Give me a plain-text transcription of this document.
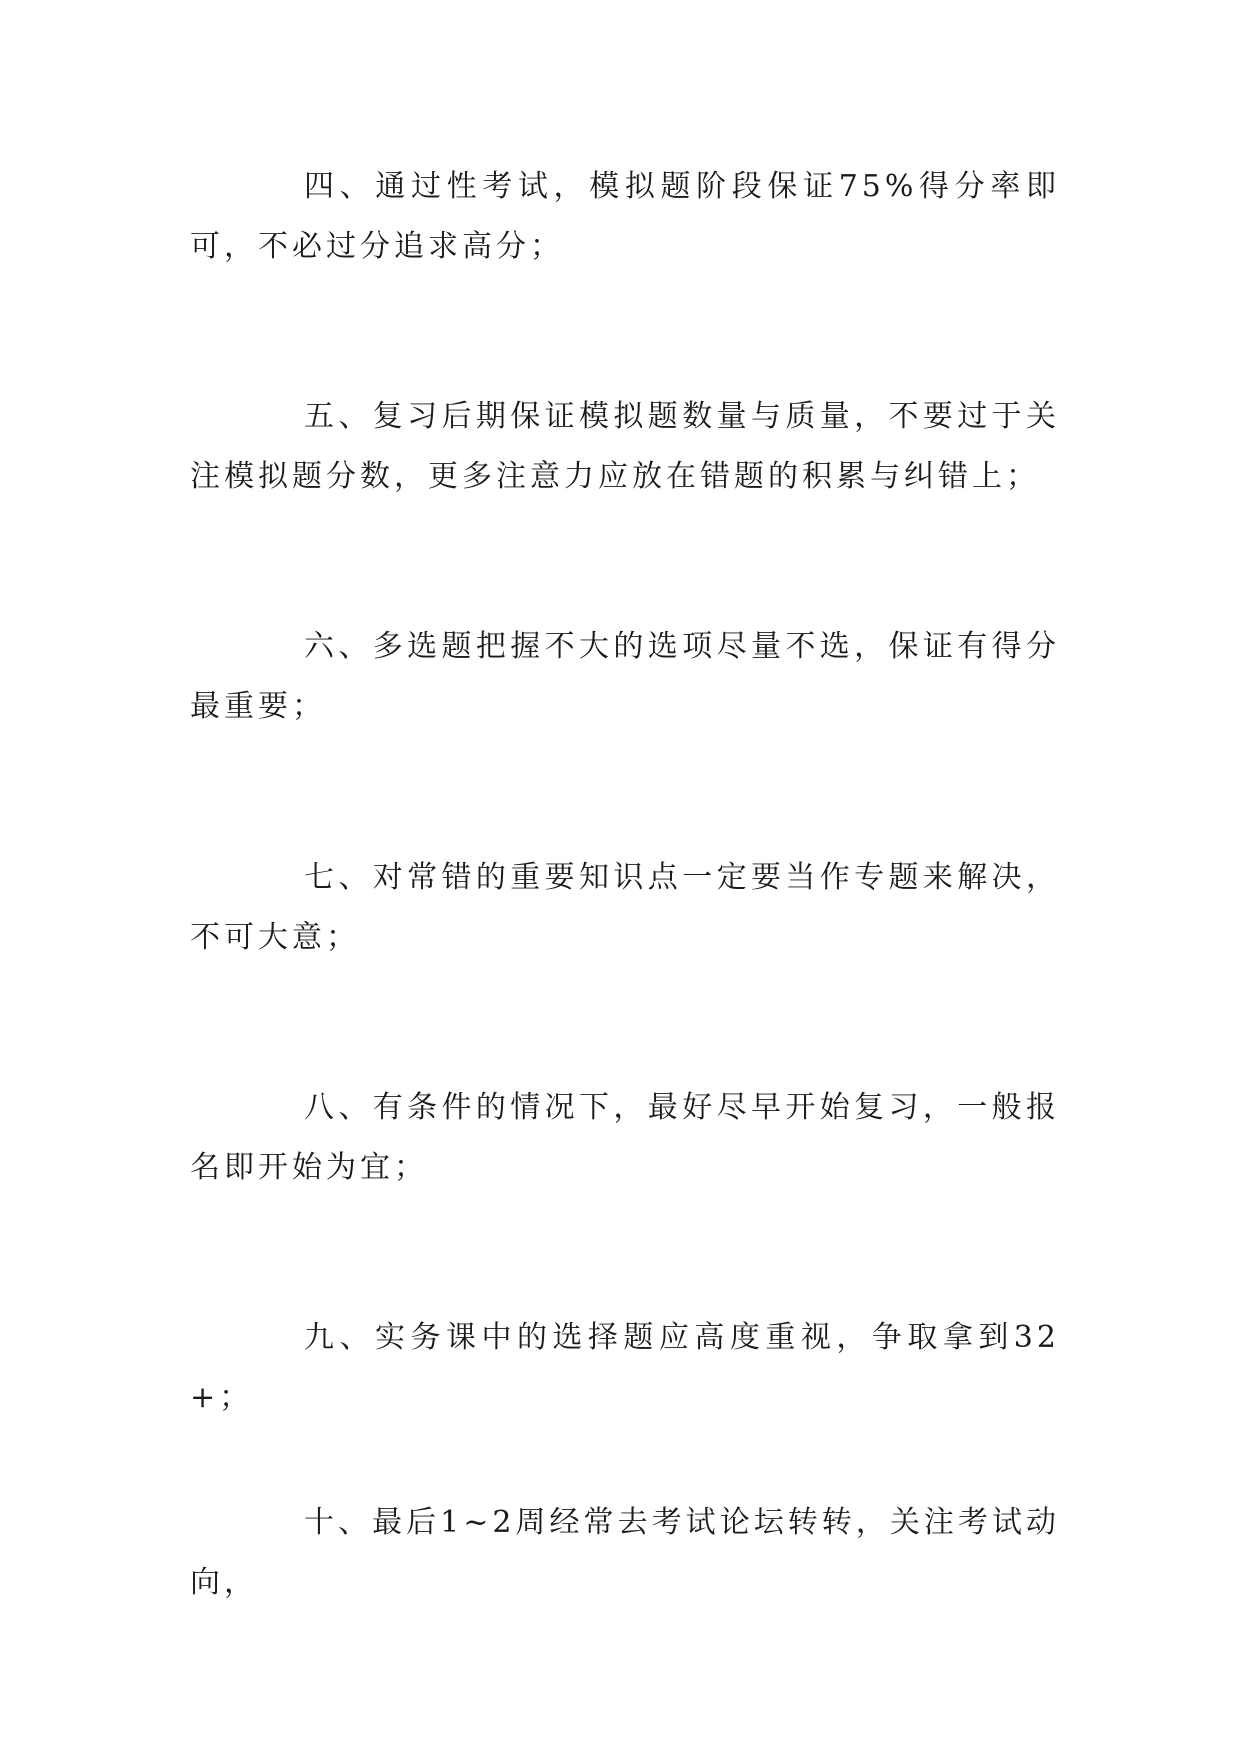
四、通过性考试，模拟题阶段保证75%得分率即可，不必过分追求高分；

五、复习后期保证模拟题数量与质量，不要过于关注模拟题分数，更多注意力应放在错题的积累与纠错上；

六、多选题把握不大的选项尽量不选，保证有得分最重要；

七、对常错的重要知识点一定要当作专题来解决，不可大意；

八、有条件的情况下，最好尽早开始复习，一般报名即开始为宜；

九、实务课中的选择题应高度重视，争取拿到32+；

十、最后1~2周经常去考试论坛转转，关注考试动向，
